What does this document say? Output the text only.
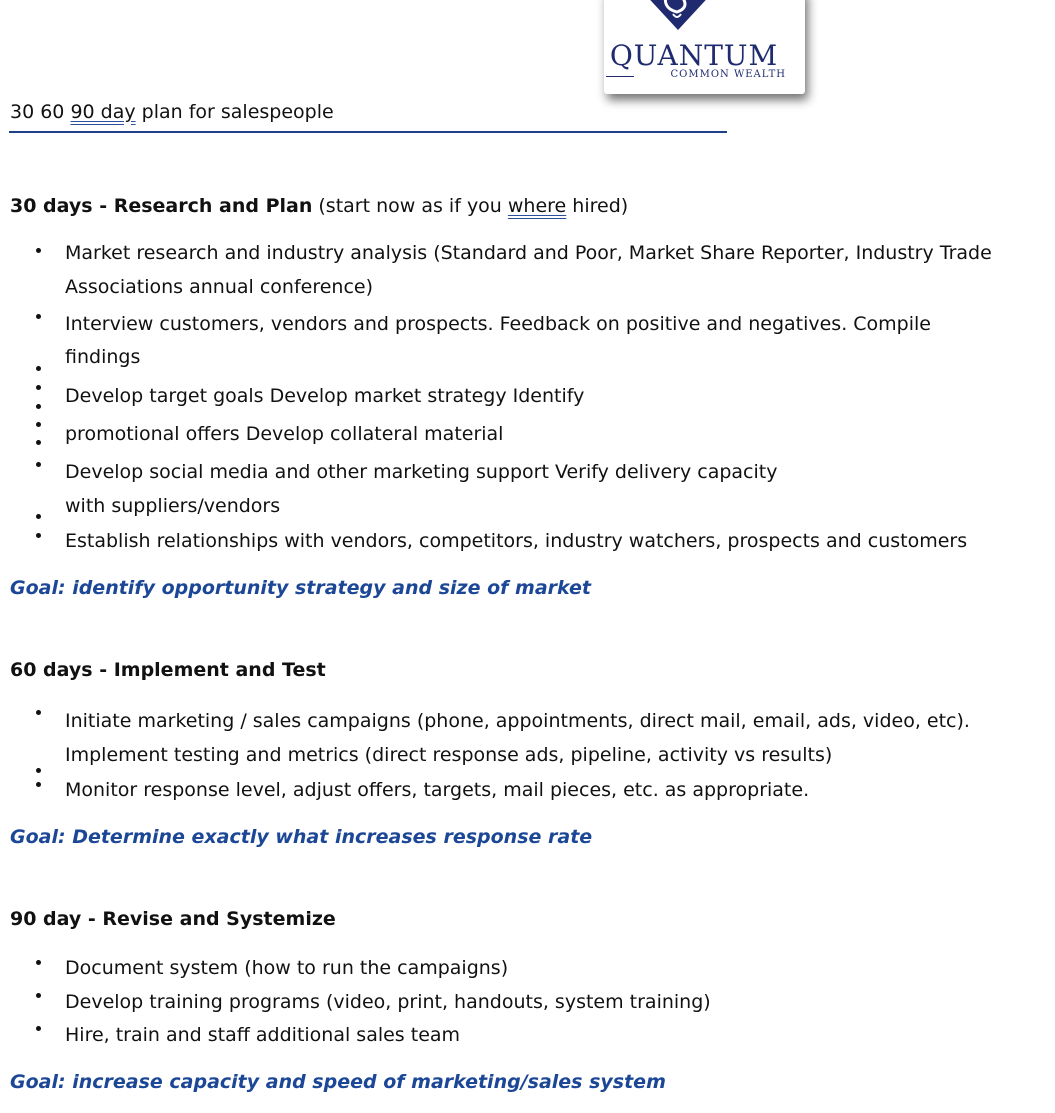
QUANTUM
COMMON WEALTH
30 60 90 day plan for salespeople
30 days - Research and Plan (start now as if you where hired)
Market research and industry analysis (Standard and Poor, Market Share Reporter, Industry Trade
Associations annual conference)
Interview customers, vendors and prospects. Feedback on positive and negatives. Compile
findings
Develop target goals Develop market strategy Identify
promotional offers Develop collateral material
Develop social media and other marketing support Verify delivery capacity
with suppliers/vendors
Establish relationships with vendors, competitors, industry watchers, prospects and customers
Goal: identify opportunity strategy and size of market
60 days - Implement and Test
Initiate marketing / sales campaigns (phone, appointments, direct mail, email, ads, video, etc).
Implement testing and metrics (direct response ads, pipeline, activity vs results)
Monitor response level, adjust offers, targets, mail pieces, etc. as appropriate.
Goal: Determine exactly what increases response rate
90 day - Revise and Systemize
Document system (how to run the campaigns)
Develop training programs (video, print, handouts, system training)
Hire, train and staff additional sales team
Goal: increase capacity and speed of marketing/sales system
